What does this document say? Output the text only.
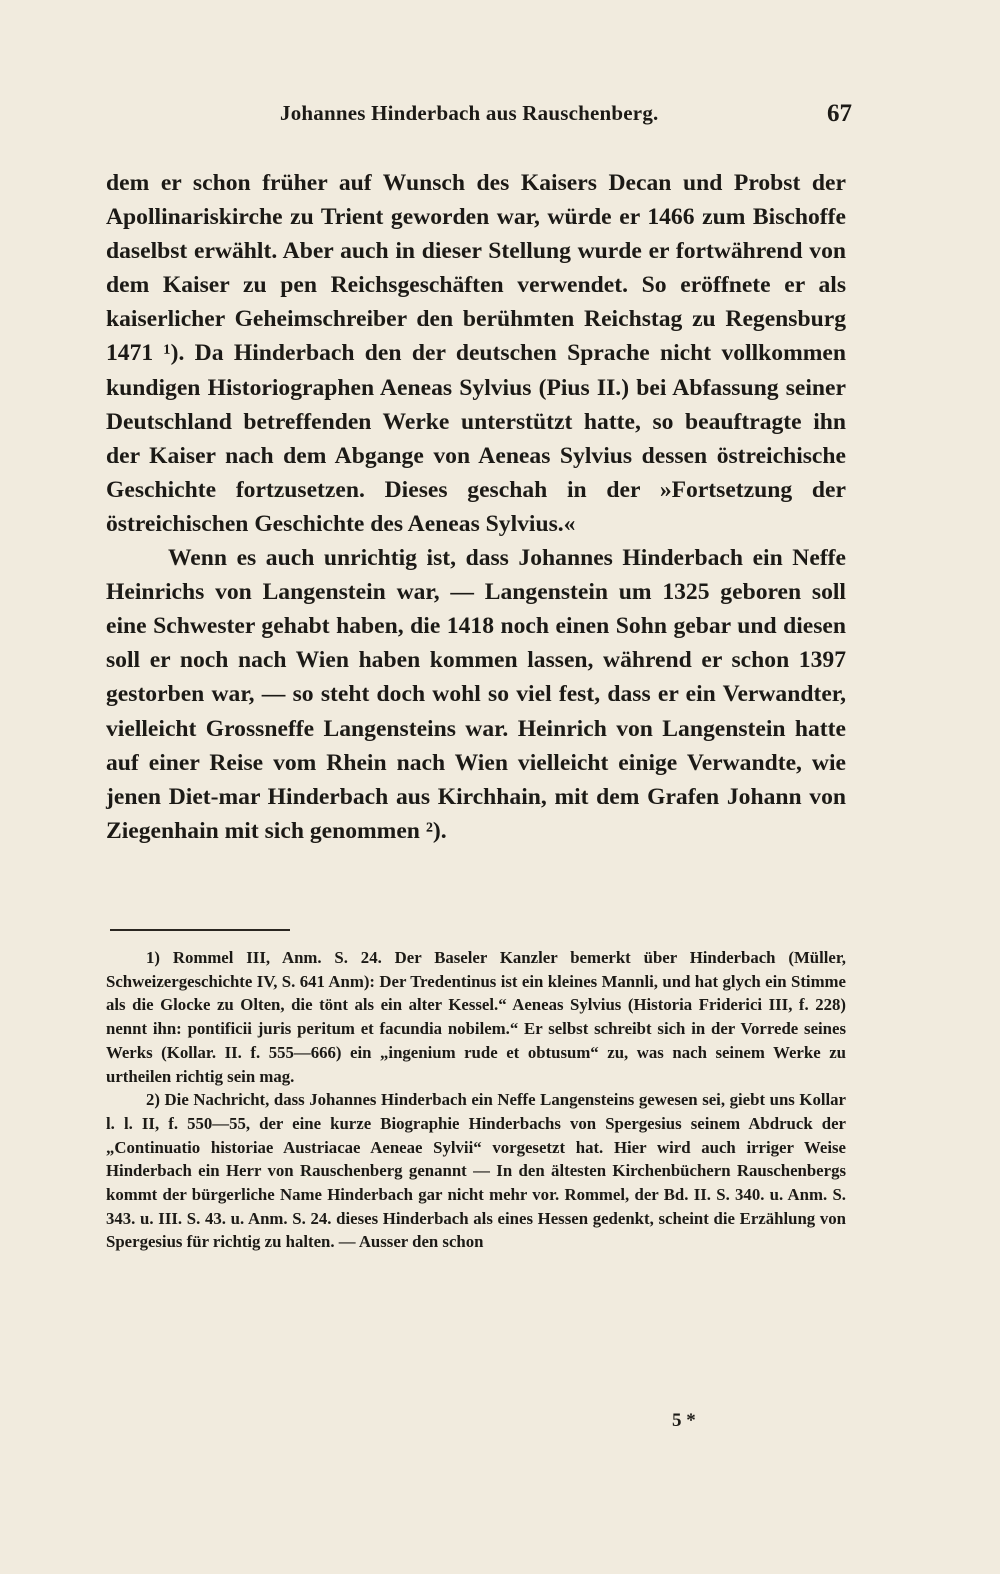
Johannes Hinderbach aus Rauschenberg.	67

dem er schon früher auf Wunsch des Kaisers Decan und Probst der Apollinariskirche zu Trient geworden war, würde er 1466 zum Bischoffe daselbst erwählt. Aber auch in dieser Stellung wurde er fortwährend von dem Kaiser zu pen Reichsgeschäften verwendet. So eröffnete er als kaiserlicher Geheimschreiber den berühmten Reichstag zu Regensburg 1471 ¹). Da Hinderbach den der deutschen Sprache nicht vollkommen kundigen Historiographen Aeneas Sylvius (Pius II.) bei Abfassung seiner Deutschland betreffenden Werke unterstützt hatte, so beauftragte ihn der Kaiser nach dem Abgange von Aeneas Sylvius dessen östreichische Geschichte fortzusetzen. Dieses geschah in der »Fortsetzung der östreichischen Geschichte des Aeneas Sylvius.«

Wenn es auch unrichtig ist, dass Johannes Hinderbach ein Neffe Heinrichs von Langenstein war, — Langenstein um 1325 geboren soll eine Schwester gehabt haben, die 1418 noch einen Sohn gebar und diesen soll er noch nach Wien haben kommen lassen, während er schon 1397 gestorben war, — so steht doch wohl so viel fest, dass er ein Verwandter, vielleicht Grossneffe Langensteins war. Heinrich von Langenstein hatte auf einer Reise vom Rhein nach Wien vielleicht einige Verwandte, wie jenen Diet-mar Hinderbach aus Kirchhain, mit dem Grafen Johann von Ziegenhain mit sich genommen ²).

1) Rommel III, Anm. S. 24. Der Baseler Kanzler bemerkt über Hinderbach (Müller, Schweizergeschichte IV, S. 641 Anm): Der Tredentinus ist ein kleines Mannli, und hat glych ein Stimme als die Glocke zu Olten, die tönt als ein alter Kessel.“ Aeneas Sylvius (Historia Friderici III, f. 228) nennt ihn: pontificii juris peritum et facundia nobilem.“ Er selbst schreibt sich in der Vorrede seines Werks (Kollar. II. f. 555—666) ein „ingenium rude et obtusum“ zu, was nach seinem Werke zu urtheilen richtig sein mag.

2) Die Nachricht, dass Johannes Hinderbach ein Neffe Langensteins gewesen sei, giebt uns Kollar l. l. II, f. 550—55, der eine kurze Biographie Hinderbachs von Spergesius seinem Abdruck der „Continuatio historiae Austriacae Aeneae Sylvii“ vorgesetzt hat. Hier wird auch irriger Weise Hinderbach ein Herr von Rauschenberg genannt — In den ältesten Kirchenbüchern Rauschenbergs kommt der bürgerliche Name Hinderbach gar nicht mehr vor. Rommel, der Bd. II. S. 340. u. Anm. S. 343. u. III. S. 43. u. Anm. S. 24. dieses Hinderbach als eines Hessen gedenkt, scheint die Erzählung von Spergesius für richtig zu halten. — Ausser den schon

5 *
